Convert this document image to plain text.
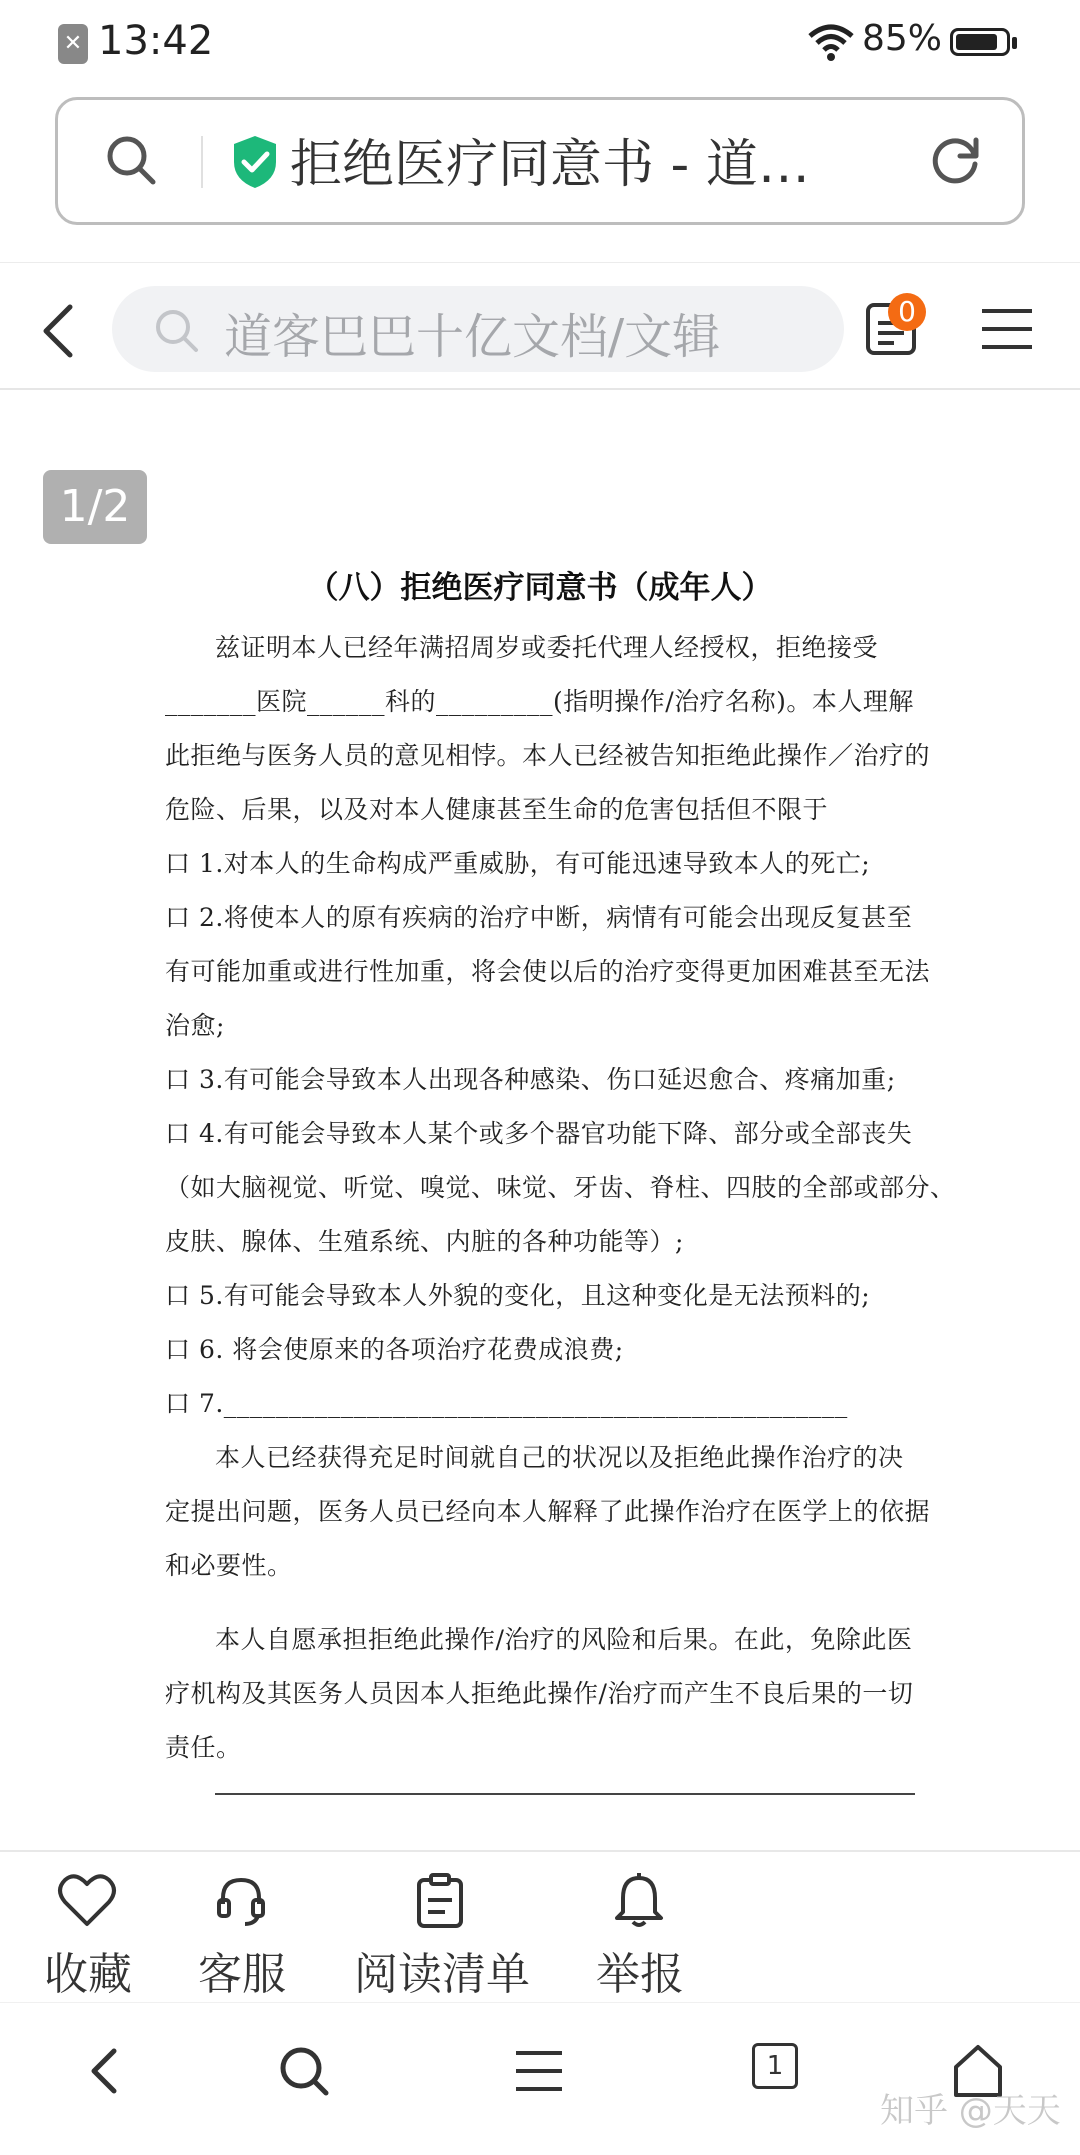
✕ 13:42	85%
拒绝医疗同意书 - 道…
道客巴巴十亿文档/文辑	0
1/2
（八）拒绝医疗同意书（成年人）
兹证明本人已经年满招周岁或委托代理人经授权，拒绝接受
_______医院______科的_________(指明操作/治疗名称)。本人理解
此拒绝与医务人员的意见相悖。本人已经被告知拒绝此操作／治疗的
危险、后果，以及对本人健康甚至生命的危害包括但不限于
口 1.对本人的生命构成严重威胁，有可能迅速导致本人的死亡;
口 2.将使本人的原有疾病的治疗中断，病情有可能会出现反复甚至
有可能加重或进行性加重，将会使以后的治疗变得更加困难甚至无法
治愈;
口 3.有可能会导致本人出现各种感染、伤口延迟愈合、疼痛加重;
口 4.有可能会导致本人某个或多个器官功能下降、部分或全部丧失
（如大脑视觉、听觉、嗅觉、味觉、牙齿、脊柱、四肢的全部或部分、
皮肤、腺体、生殖系统、内脏的各种功能等）;
口 5.有可能会导致本人外貌的变化，且这种变化是无法预料的;
口 6. 将会使原来的各项治疗花费成浪费;
口 7.________________________________________________
本人已经获得充足时间就自己的状况以及拒绝此操作治疗的决
定提出问题，医务人员已经向本人解释了此操作治疗在医学上的依据
和必要性。
本人自愿承担拒绝此操作/治疗的风险和后果。在此，免除此医
疗机构及其医务人员因本人拒绝此操作/治疗而产生不良后果的一切
责任。
收藏 客服 阅读清单 举报
1
知乎 @天天
